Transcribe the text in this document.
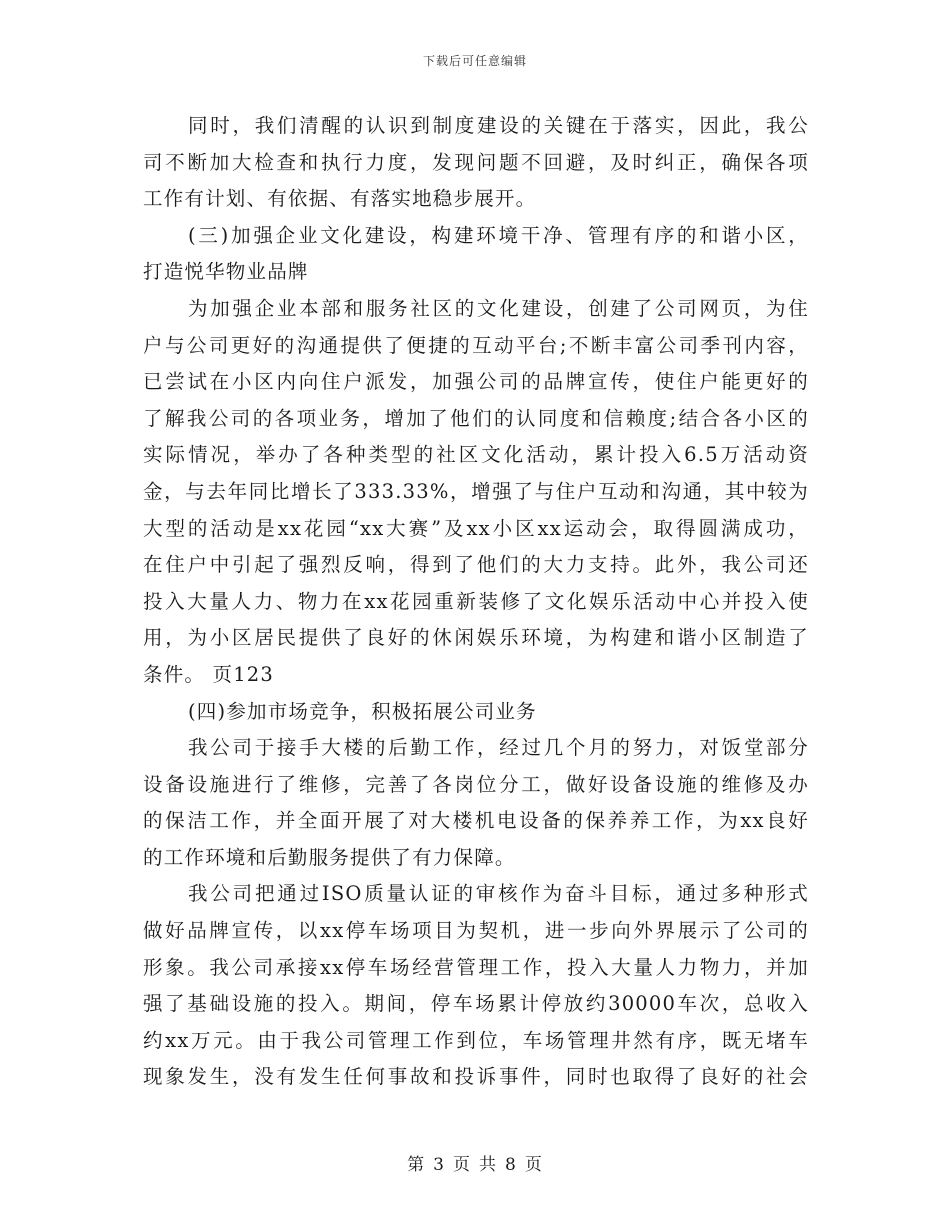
下载后可任意编辑
同时，我们清醒的认识到制度建设的关键在于落实，因此，我公
司不断加大检查和执行力度，发现问题不回避，及时纠正，确保各项
工作有计划、有依据、有落实地稳步展开。
(三)加强企业文化建设，构建环境干净、管理有序的和谐小区，
打造悦华物业品牌
为加强企业本部和服务社区的文化建设，创建了公司网页，为住
户与公司更好的沟通提供了便捷的互动平台;不断丰富公司季刊内容，
已尝试在小区内向住户派发，加强公司的品牌宣传，使住户能更好的
了解我公司的各项业务，增加了他们的认同度和信赖度;结合各小区的
实际情况，举办了各种类型的社区文化活动，累计投入6.5万活动资
金，与去年同比增长了333.33%，增强了与住户互动和沟通，其中较为
大型的活动是xx花园“xx大赛”及xx小区xx运动会，取得圆满成功，
在住户中引起了强烈反响，得到了他们的大力支持。此外，我公司还
投入大量人力、物力在xx花园重新装修了文化娱乐活动中心并投入使
用，为小区居民提供了良好的休闲娱乐环境，为构建和谐小区制造了
条件。 页123
(四)参加市场竞争，积极拓展公司业务
我公司于接手大楼的后勤工作，经过几个月的努力，对饭堂部分
设备设施进行了维修，完善了各岗位分工，做好设备设施的维修及办
的保洁工作，并全面开展了对大楼机电设备的保养养工作，为xx良好
的工作环境和后勤服务提供了有力保障。
我公司把通过ISO质量认证的审核作为奋斗目标，通过多种形式
做好品牌宣传，以xx停车场项目为契机，进一步向外界展示了公司的
形象。我公司承接xx停车场经营管理工作，投入大量人力物力，并加
强了基础设施的投入。期间，停车场累计停放约30000车次，总收入
约xx万元。由于我公司管理工作到位，车场管理井然有序，既无堵车
现象发生，没有发生任何事故和投诉事件，同时也取得了良好的社会
第 3 页 共 8 页
